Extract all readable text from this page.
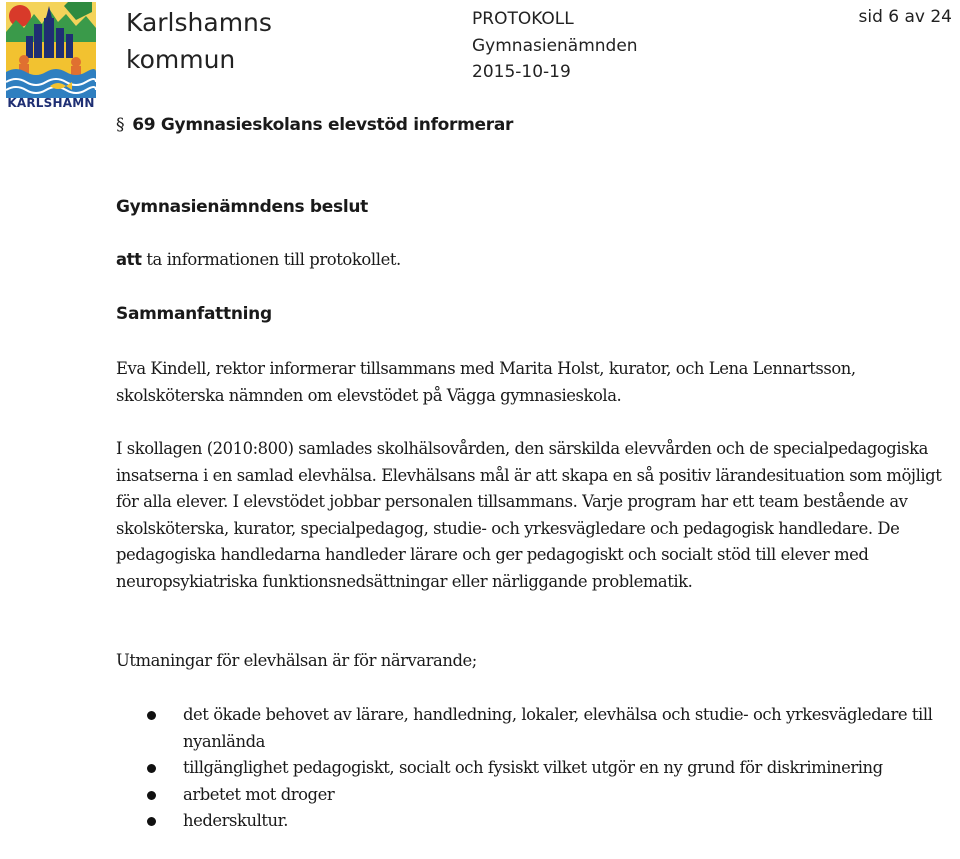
KARLSHAMN
Karlshamns
kommun
PROTOKOLL
Gymnasienämnden
2015-10-19
sid 6 av 24
§ 69 Gymnasieskolans elevstöd informerar
Gymnasienämndens beslut
att ta informationen till protokollet.
Sammanfattning

Eva Kindell, rektor informerar tillsammans med Marita Holst, kurator, och Lena Lennartsson, skolsköterska nämnden om elevstödet på Vägga gymnasieskola.

I skollagen (2010:800) samlades skolhälsovården, den särskilda elevvården och de specialpedagogiska insatserna i en samlad elevhälsa. Elevhälsans mål är att skapa en så positiv lärandesituation som möjligt för alla elever. I elevstödet jobbar personalen tillsammans. Varje program har ett team bestående av skolsköterska, kurator, specialpedagog, studie- och yrkesvägledare och pedagogisk handledare. De pedagogiska handledarna handleder lärare och ger pedagogiskt och socialt stöd till elever med neuropsykiatriska funktionsnedsättningar eller närliggande problematik.

Utmaningar för elevhälsan är för närvarande;

det ökade behovet av lärare, handledning, lokaler, elevhälsa och studie- och yrkesvägledare till nyanlända
tillgänglighet pedagogiskt, socialt och fysiskt vilket utgör en ny grund för diskriminering
arbetet mot droger
hederskultur.
